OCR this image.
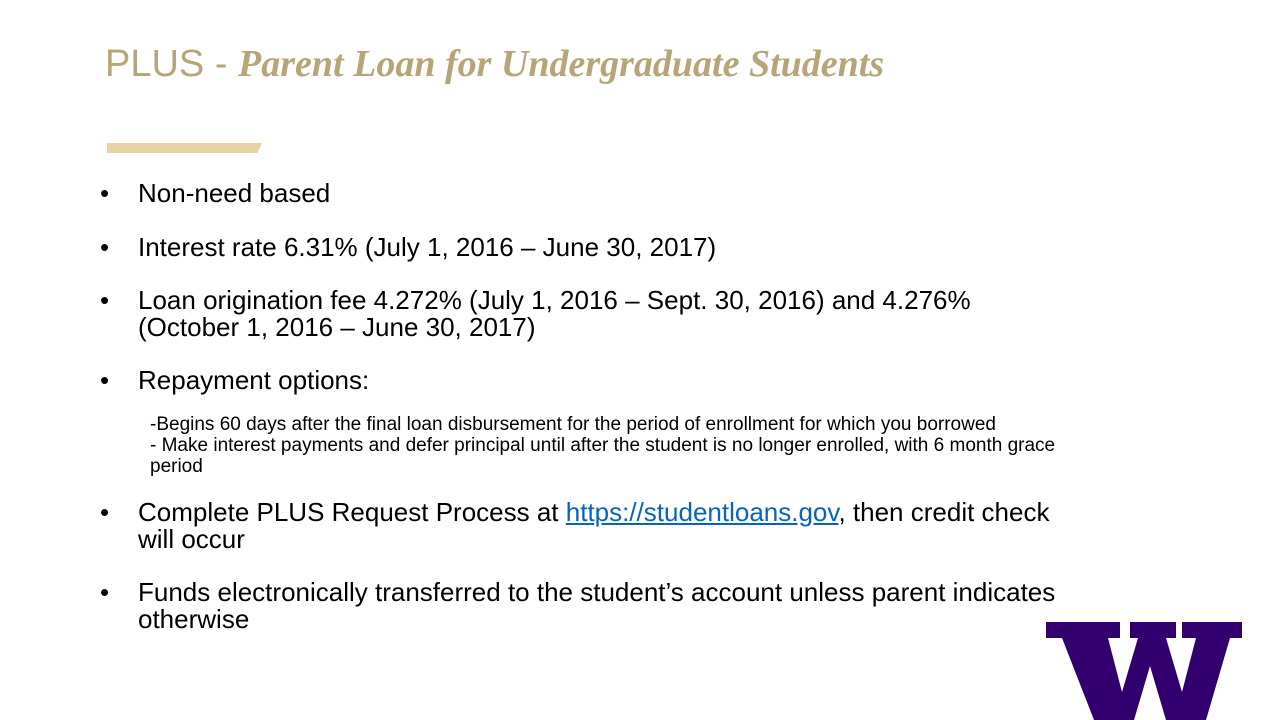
PLUS - Parent Loan for Undergraduate Students
• Non-need based
• Interest rate 6.31% (July 1, 2016 – June 30, 2017)
• Loan origination fee 4.272% (July 1, 2016 – Sept. 30, 2016) and 4.276% (October 1, 2016 – June 30, 2017)
• Repayment options:
-Begins 60 days after the final loan disbursement for the period of enrollment for which you borrowed
- Make interest payments and defer principal until after the student is no longer enrolled, with 6 month grace period
• Complete PLUS Request Process at https://studentloans.gov, then credit check will occur
• Funds electronically transferred to the student’s account unless parent indicates otherwise
